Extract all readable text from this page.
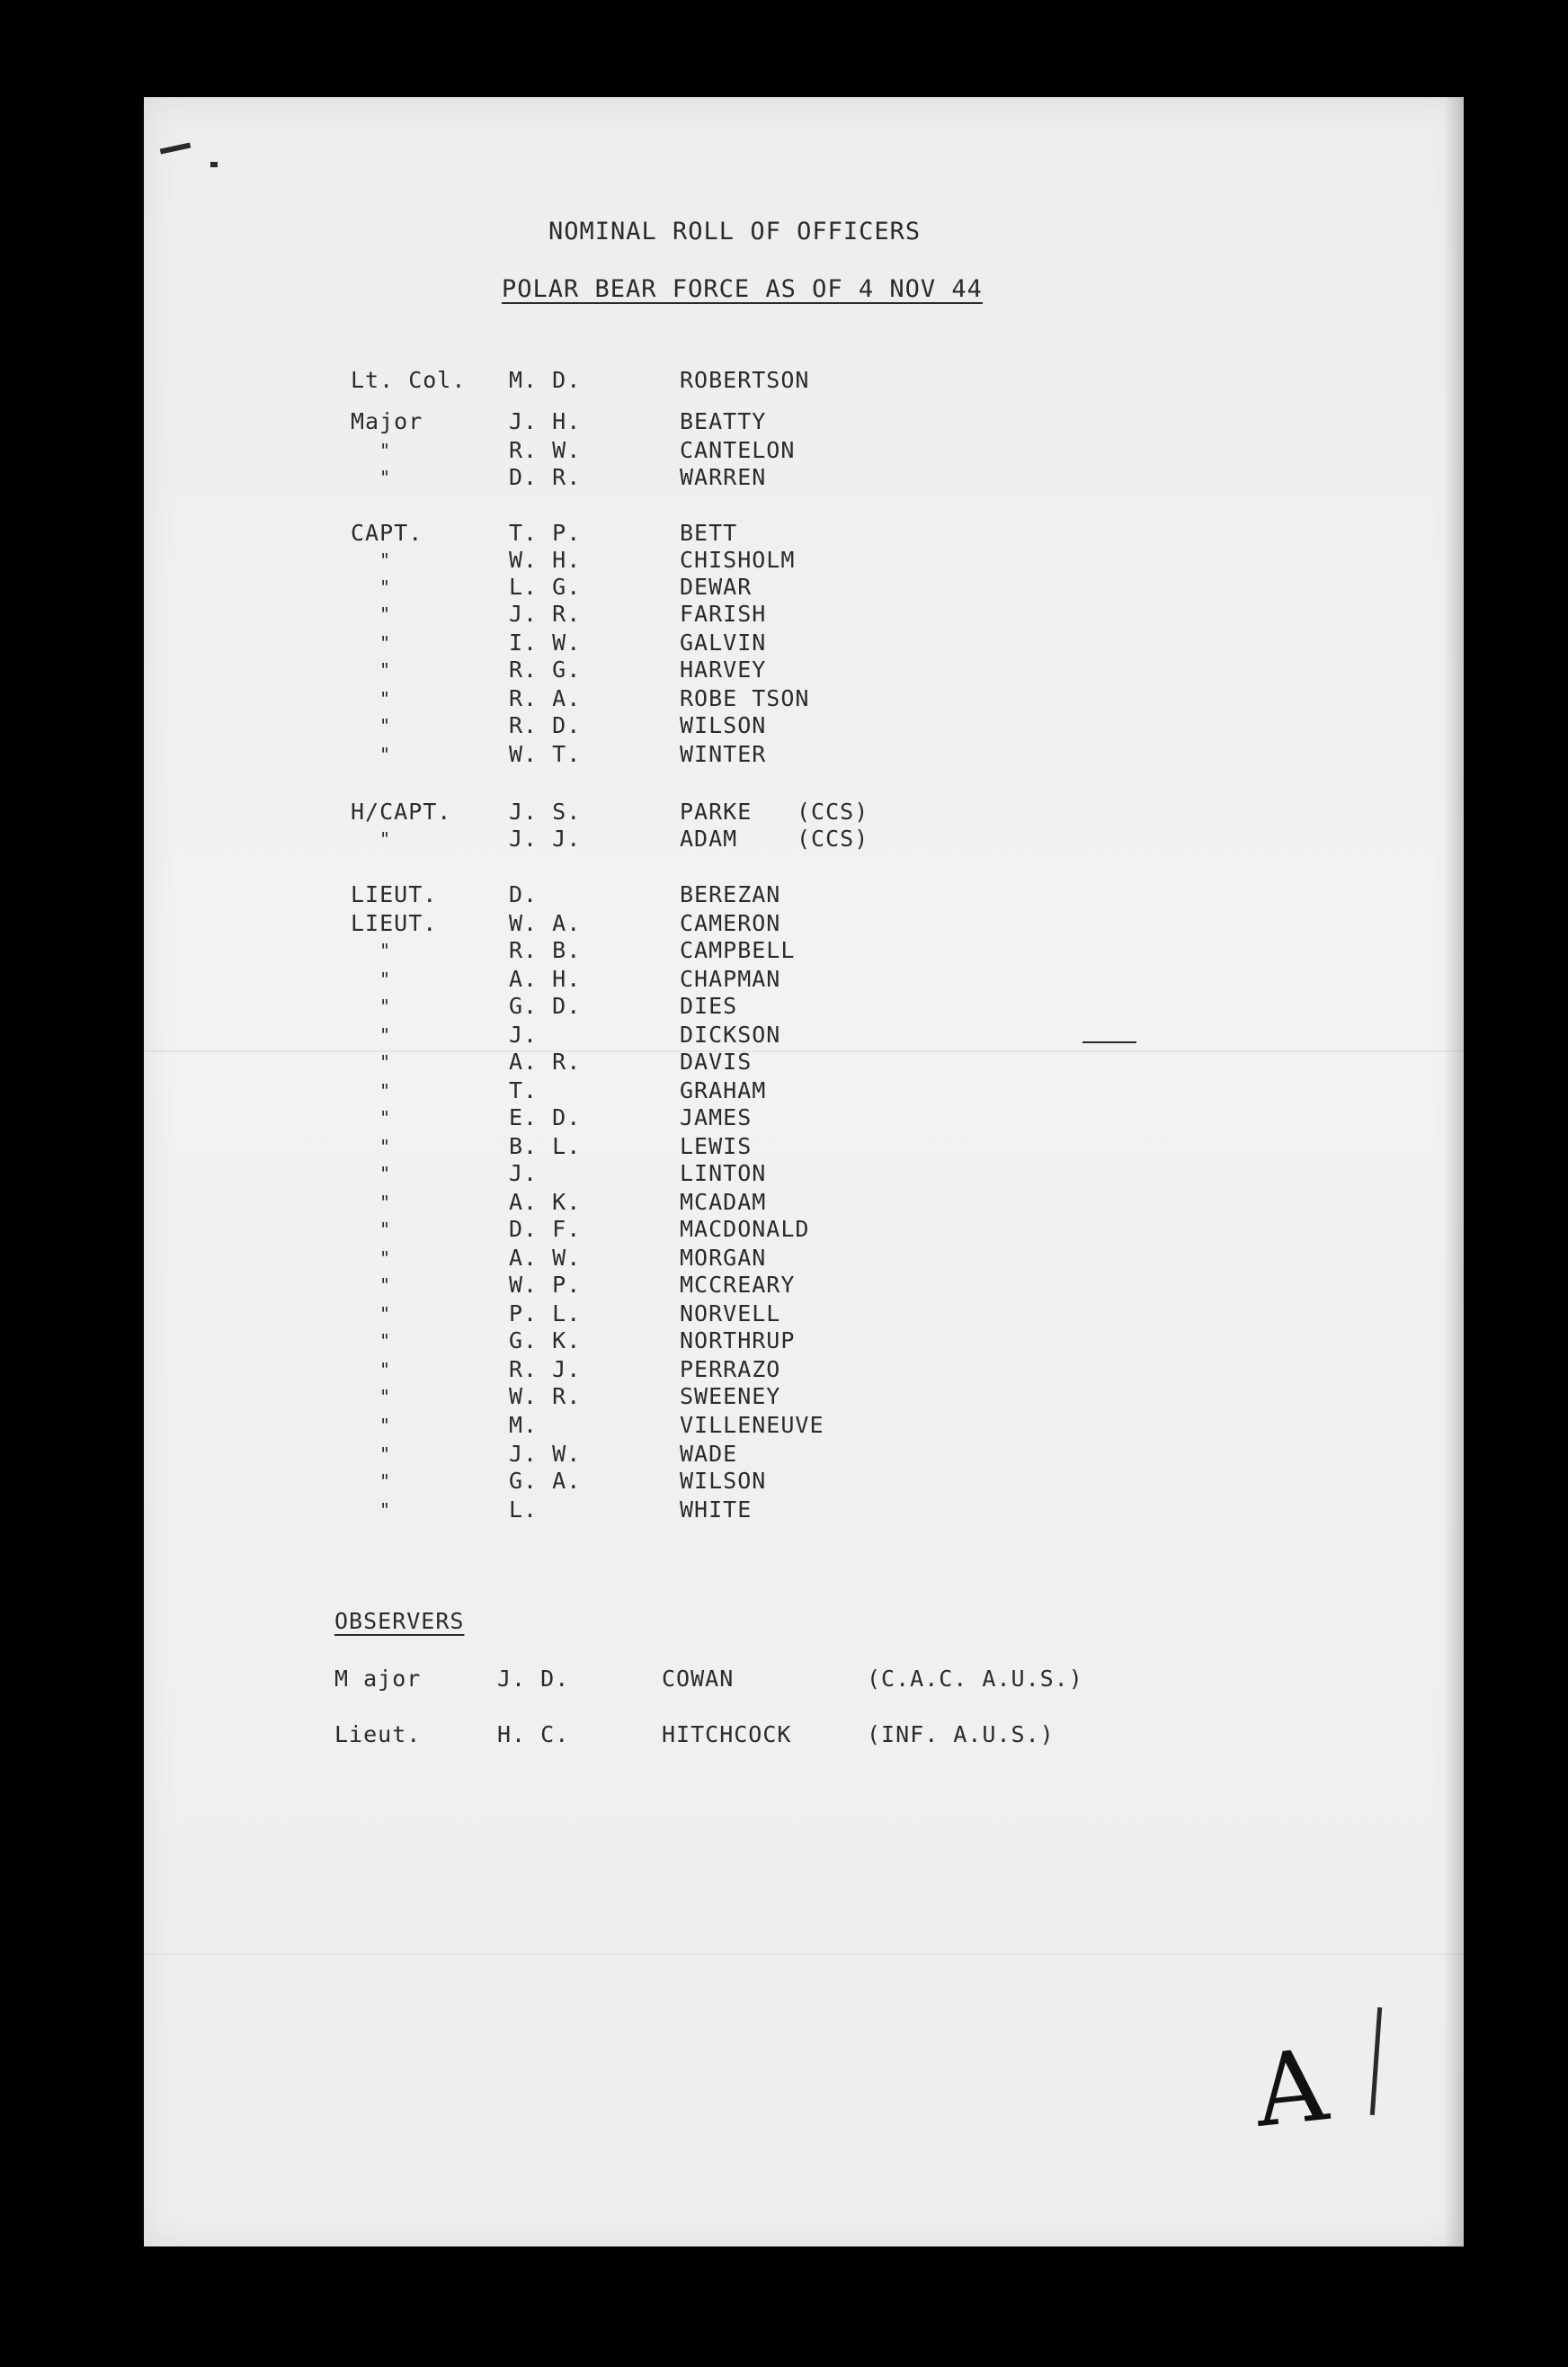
NOMINAL ROLL OF OFFICERS
POLAR BEAR FORCE AS OF 4 NOV 44
Lt. Col.	M. D.	ROBERTSON
Major	J. H.	BEATTY
"	R. W.	CANTELON
"	D. R.	WARREN
CAPT.	T. P.	BETT
"	W. H.	CHISHOLM
"	L. G.	DEWAR
"	J. R.	FARISH
"	I. W.	GALVIN
"	R. G.	HARVEY
"	R. A.	ROBE TSON
"	R. D.	WILSON
"	W. T.	WINTER
H/CAPT.	J. S.	PARKE (CCS)
"	J. J.	ADAM	(CCS)
LIEUT.	D.	BEREZAN
LIEUT.	W. A.	CAMERON
"	R. B.	CAMPBELL
"	A. H.	CHAPMAN
"	G. D.	DIES
"	J.	DICKSON
"	A. R.	DAVIS
"	T.	GRAHAM
"	E. D.	JAMES
"	B. L.	LEWIS
"	J.	LINTON
"	A. K.	MCADAM
"	D. F.	MACDONALD
"	A. W.	MORGAN
"	W. P.	MCCREARY
"	P. L.	NORVELL
"	G. K.	NORTHRUP
"	R. J.	PERRAZO
"	W. R.	SWEENEY
"	M.	VILLENEUVE
"	J. W.	WADE
"	G. A.	WILSON
"	L.	WHITE
OBSERVERS
M ajor	J. D.	COWAN	(C.A.C. A.U.S.)
Lieut.	H. C.	HITCHCOCK	(INF. A.U.S.)
A
